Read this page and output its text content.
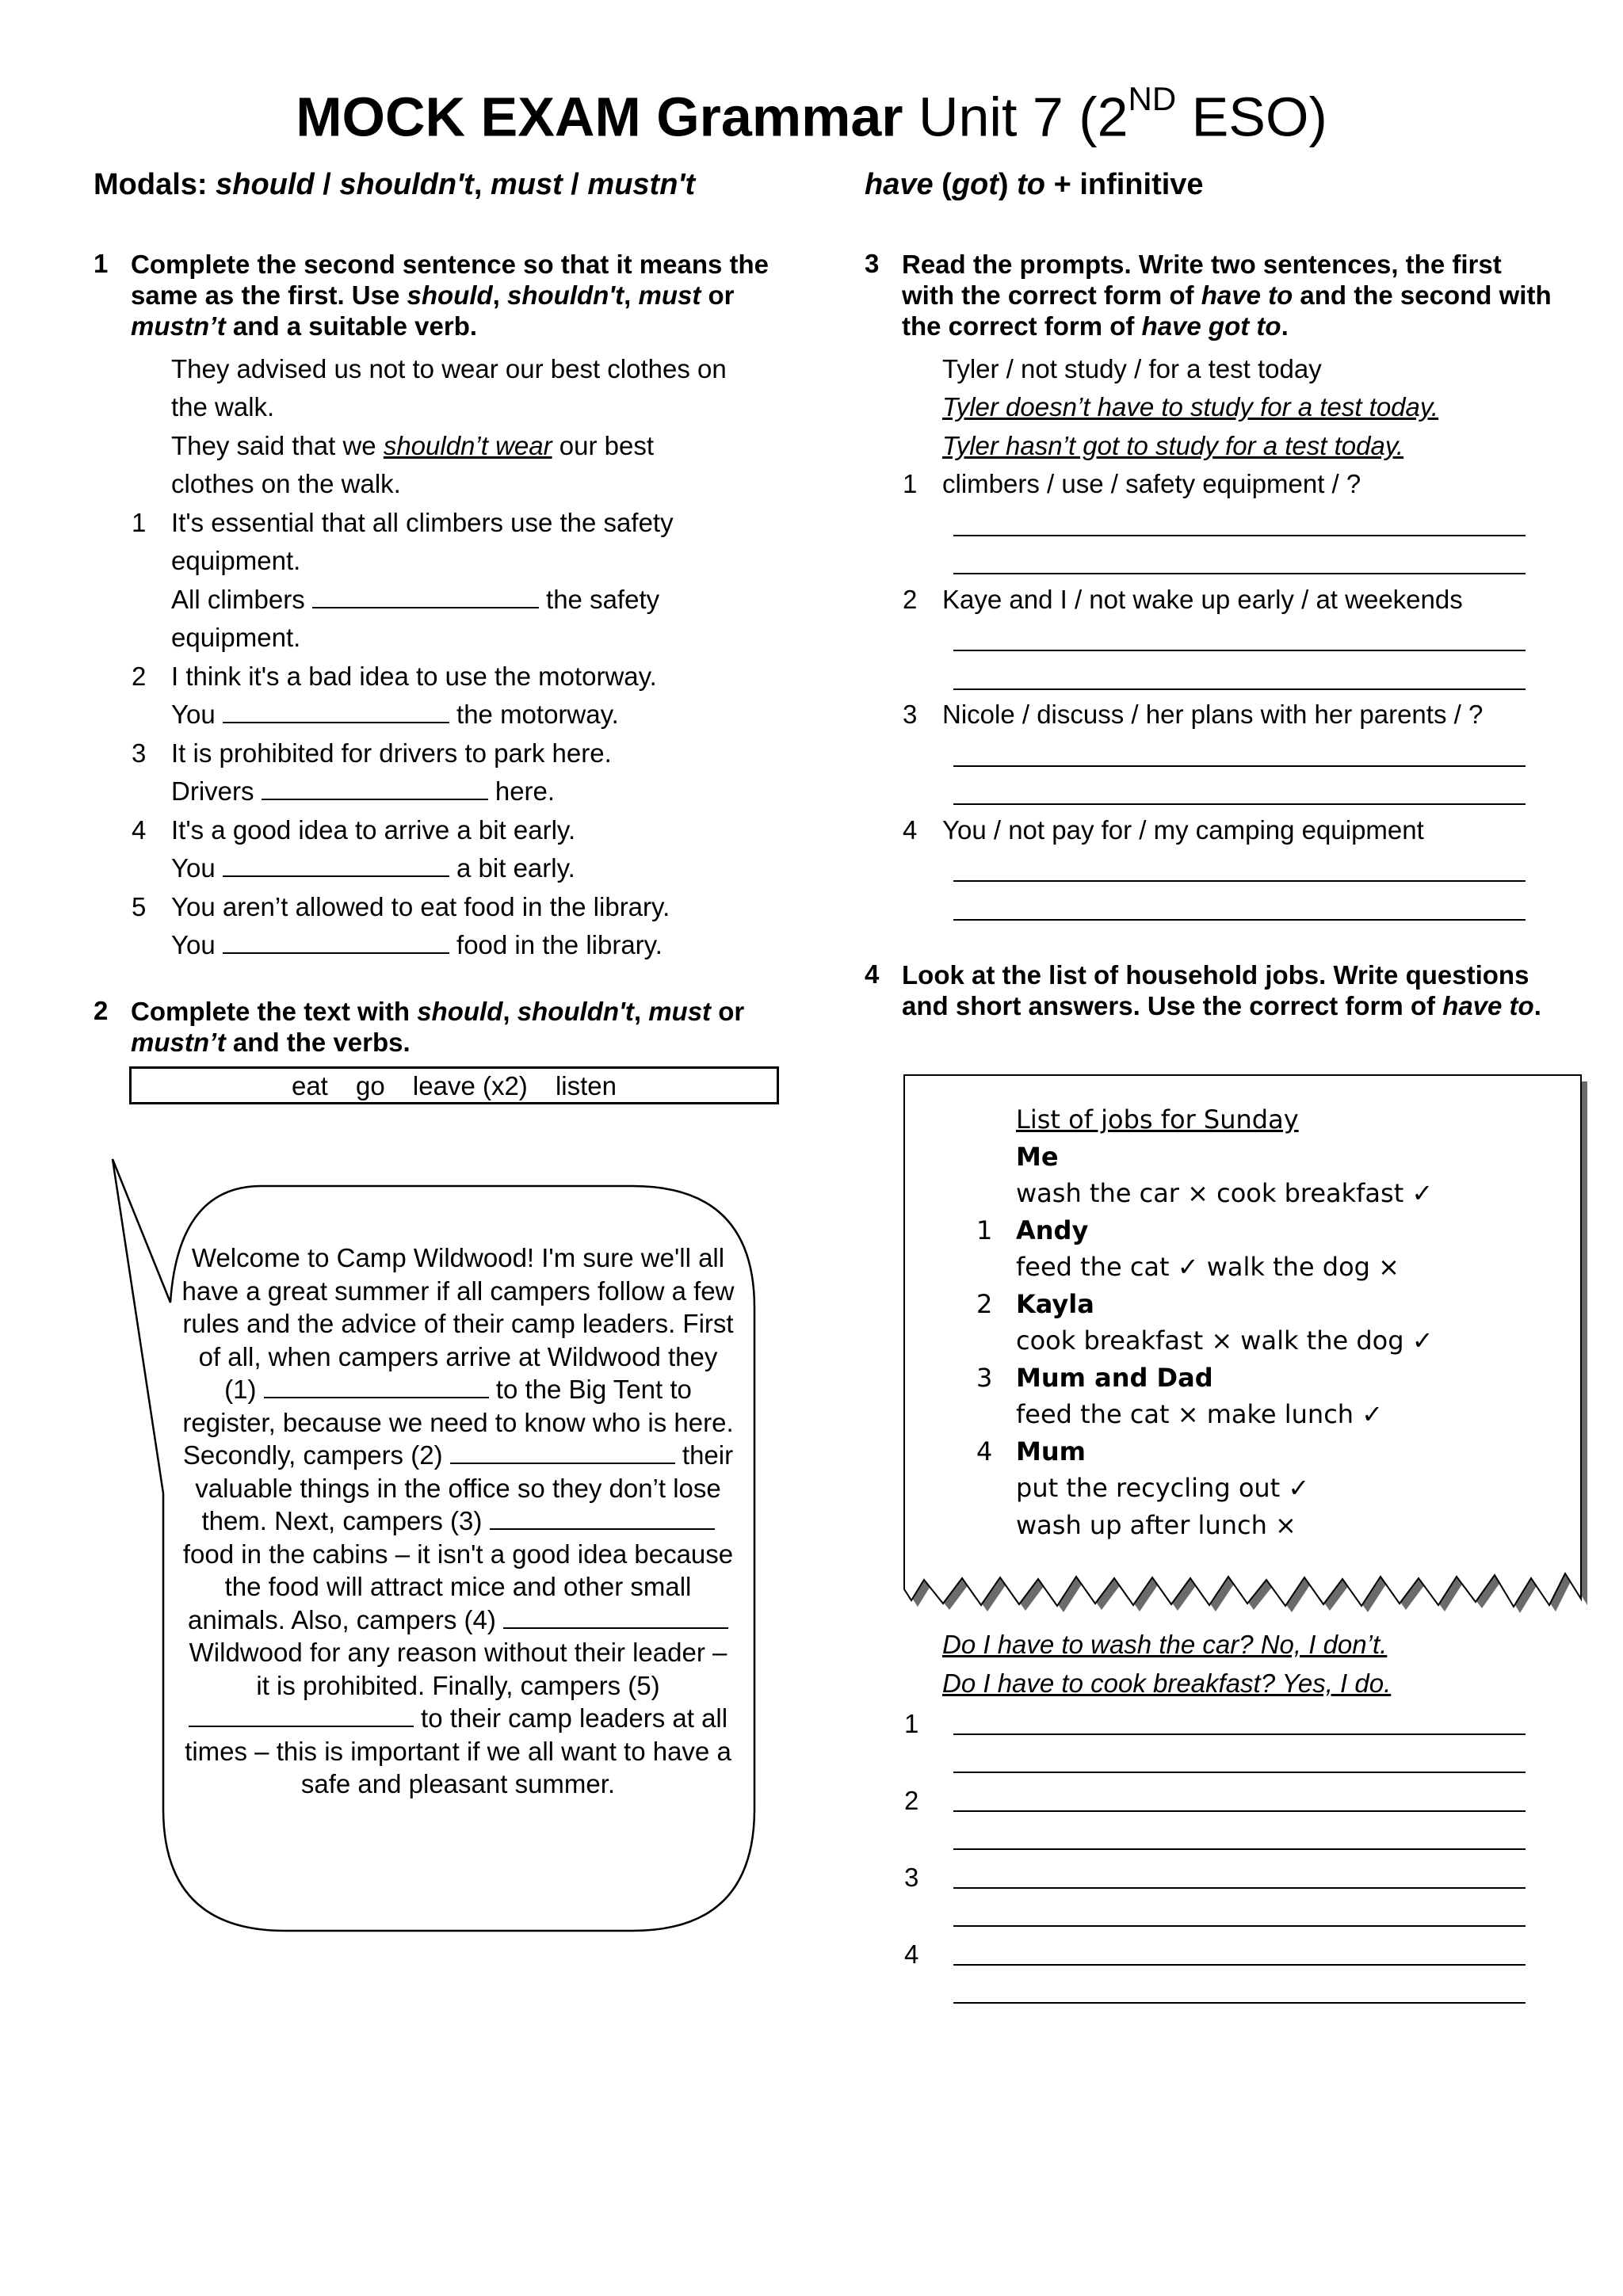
MOCK EXAM Grammar Unit 7 (2ND ESO)
Modals: should / shouldn't, must / mustn't	have (got) to + infinitive
1 Complete the second sentence so that it means the same as the first. Use should, shouldn't, must or mustn’t and a suitable verb.
They advised us not to wear our best clothes on
the walk.
They said that we shouldn’t wear our best
clothes on the walk.
1 It's essential that all climbers use the safety
equipment.
All climbers	the safety
equipment.
2 I think it's a bad idea to use the motorway.
You	the motorway.
3 It is prohibited for drivers to park here.
Drivers	here.
4 It's a good idea to arrive a bit early.
You	a bit early.
5 You aren’t allowed to eat food in the library.
You	food in the library.
2 Complete the text with should, shouldn't, must or mustn’t and the verbs.
eat go leave (x2) listen
Welcome to Camp Wildwood! I'm sure we'll all have a great summer if all campers follow a few rules and the advice of their camp leaders. First of all, when campers arrive at Wildwood they (1)	to the Big Tent to register, because we need to know who is here. Secondly, campers (2)	their valuable things in the office so they don’t lose them. Next, campers (3)  food in the cabins – it isn't a good idea because the food will attract mice and other small animals. Also, campers (4)  Wildwood for any reason without their leader – it is prohibited. Finally, campers (5)  to their camp leaders at all times – this is important if we all want to have a safe and pleasant summer.
3 Read the prompts. Write two sentences, the first with the correct form of have to and the second with the correct form of have got to.
Tyler / not study / for a test today
Tyler doesn’t have to study for a test today.
Tyler hasn’t got to study for a test today.
1 climbers / use / safety equipment / ?
2 Kaye and I / not wake up early / at weekends
3 Nicole / discuss / her plans with her parents / ?
4 You / not pay for / my camping equipment
4 Look at the list of household jobs. Write questions and short answers. Use the correct form of have to.
List of jobs for Sunday
Me
wash the car × cook breakfast ✓
1 Andy
feed the cat ✓ walk the dog ×
2 Kayla
cook breakfast × walk the dog ✓
3 Mum and Dad
feed the cat × make lunch ✓
4 Mum
put the recycling out ✓
wash up after lunch ×
Do I have to wash the car? No, I don’t.
Do I have to cook breakfast? Yes, I do.
1
2
3
4
